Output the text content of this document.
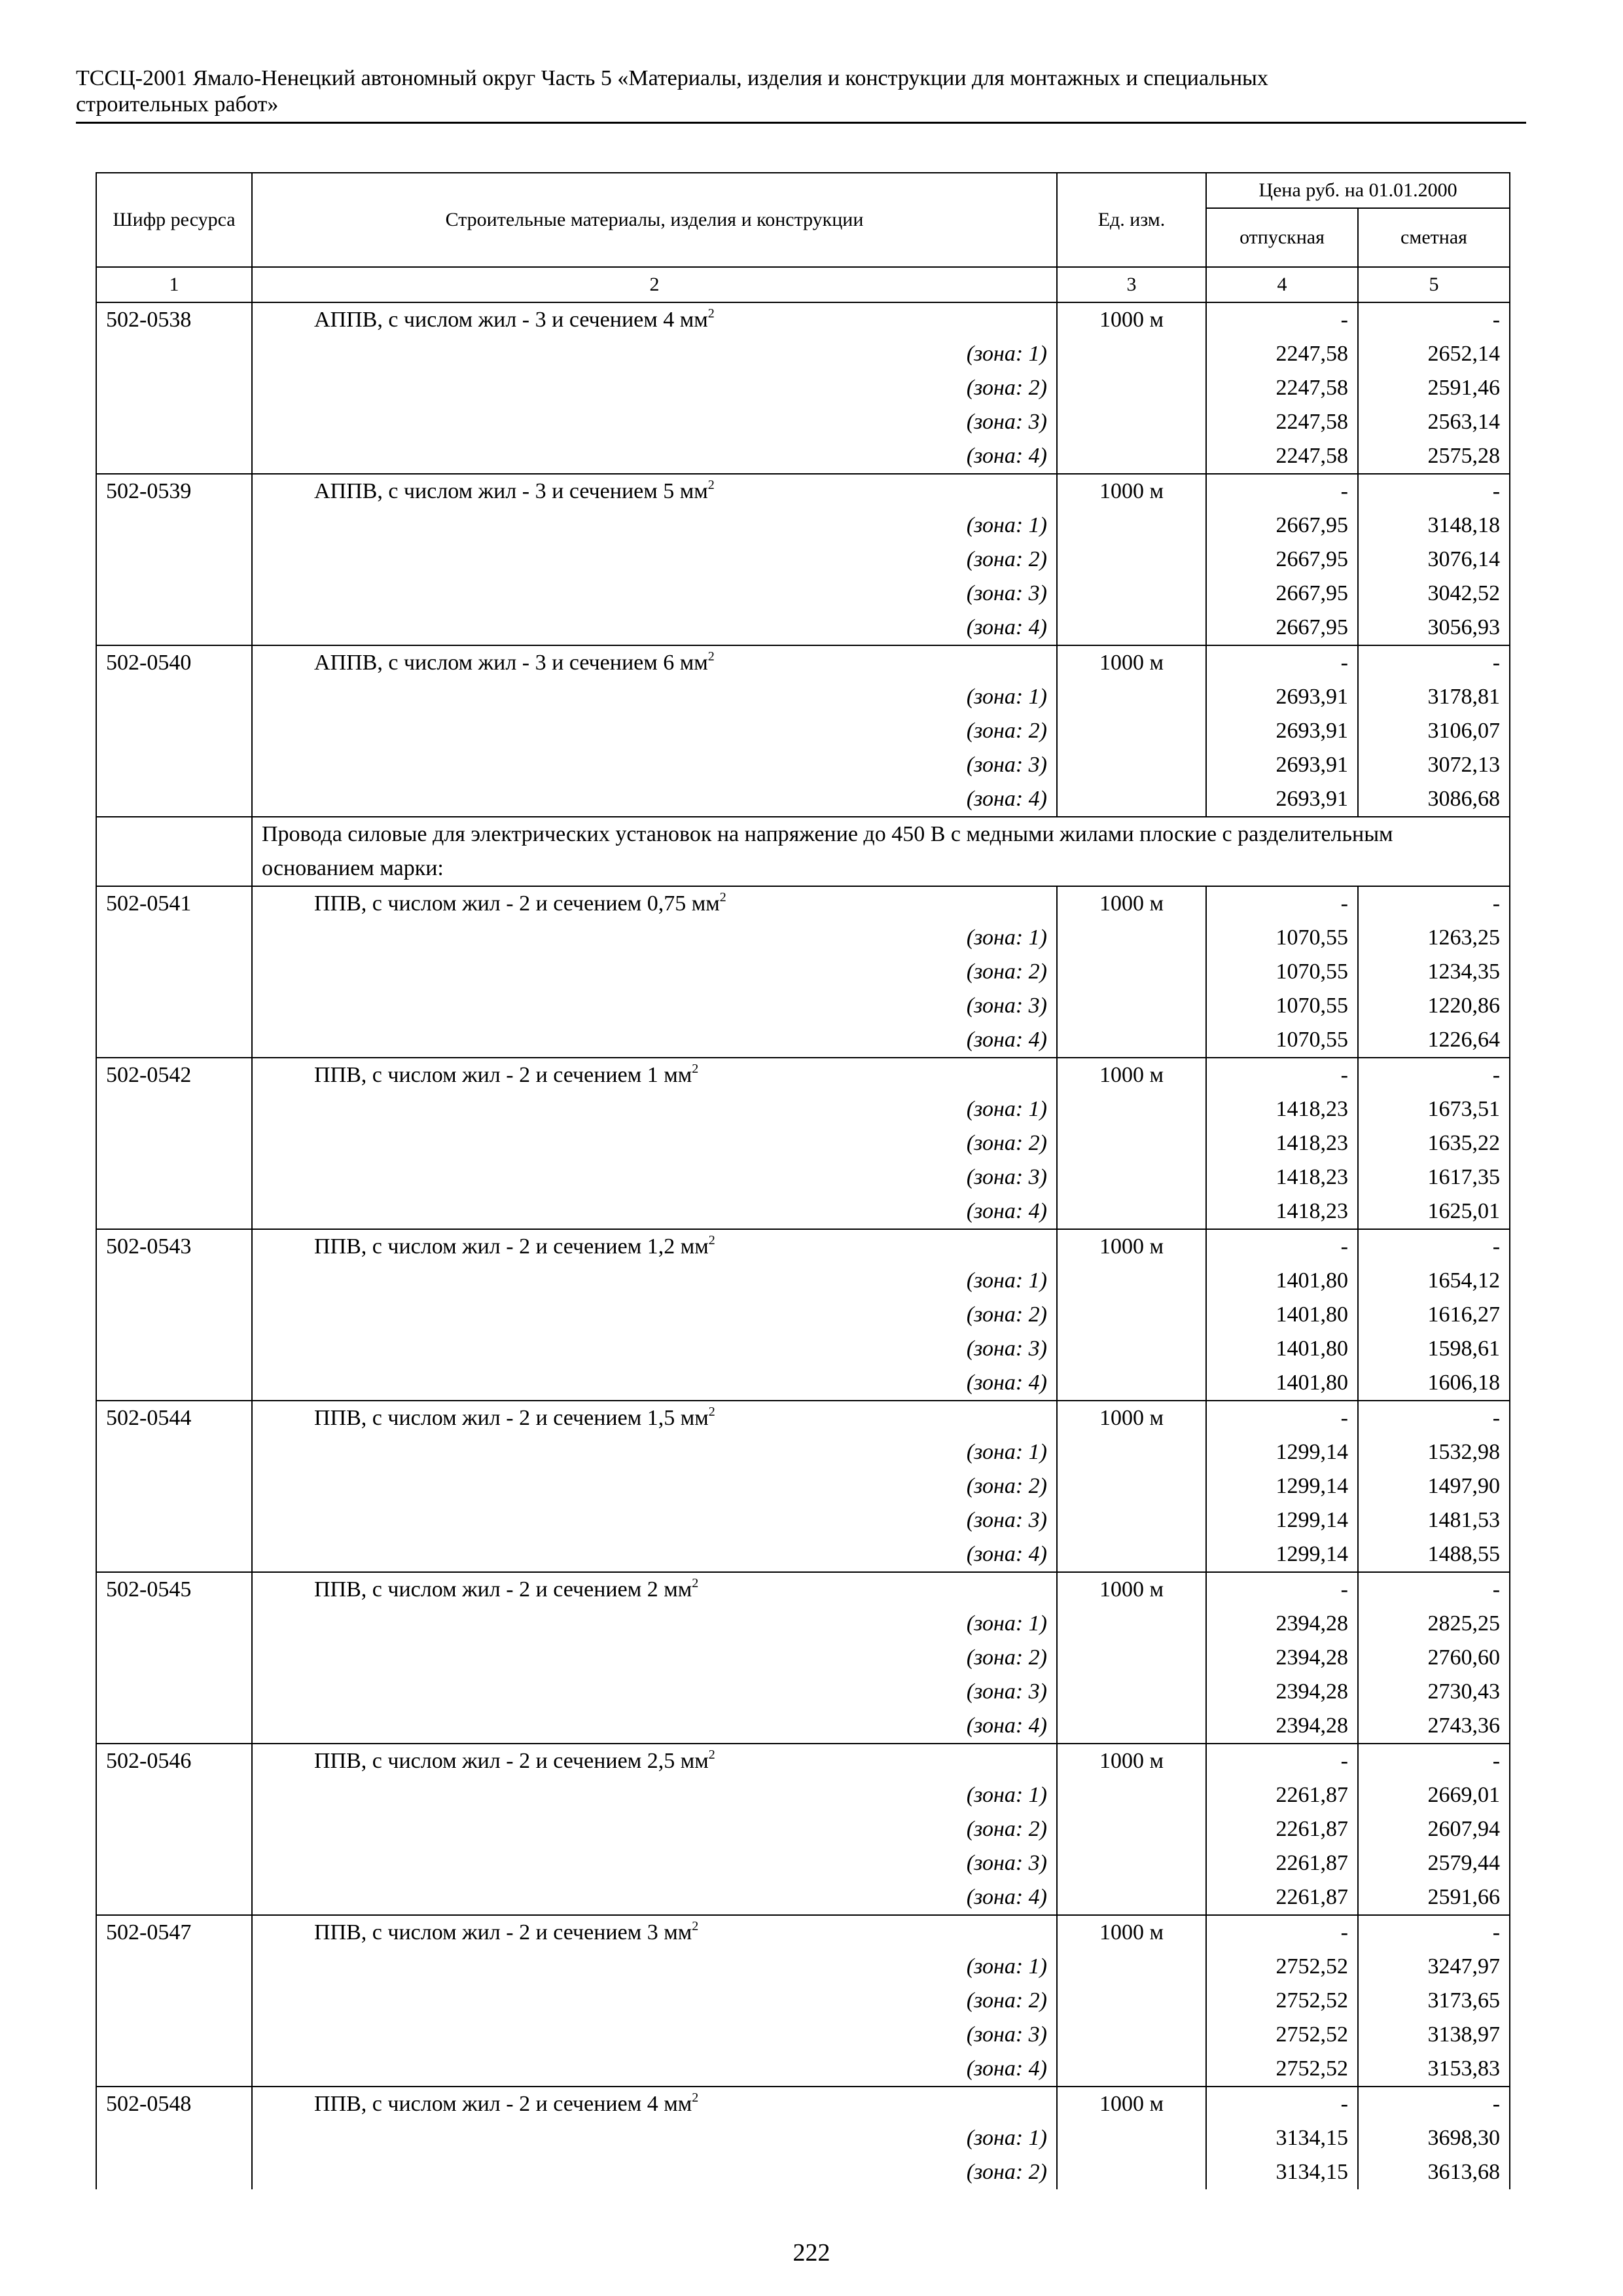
ТССЦ-2001 Ямало-Ненецкий автономный округ Часть 5 «Материалы, изделия и конструкции для монтажных и специальных
строительных работ»
Шифр ресурса	Строительные материалы, изделия и конструкции	Ед. изм.	Цена руб. на 01.01.2000	
			отпускная	сметная
1	2	3	4	5
502-0538	АППВ, с числом жил - 3 и сечением 4 $мм^2$	1000 м	-	-
	(зона: 1)		2247,58	2652,14
	(зона: 2)		2247,58	2591,46
	(зона: 3)		2247,58	2563,14
	(зона: 4)		2247,58	2575,28
502-0539	АППВ, с числом жил - 3 и сечением 5 $мм^2$	1000 м	-	-
	(зона: 1)		2667,95	3148,18
	(зона: 2)		2667,95	3076,14
	(зона: 3)		2667,95	3042,52
	(зона: 4)		2667,95	3056,93
502-0540	АППВ, с числом жил - 3 и сечением 6 $мм^2$	1000 м	-	-
	(зона: 1)		2693,91	3178,81
	(зона: 2)		2693,91	3106,07
	(зона: 3)		2693,91	3072,13
	(зона: 4)		2693,91	3086,68
	Провода силовые для электрических установок на напряжение до 450 В с медными жилами плоские с разделительным основанием марки:			
502-0541	ППВ, с числом жил - 2 и сечением 0,75 $мм^2$	1000 м	-	-
	(зона: 1)		1070,55	1263,25
	(зона: 2)		1070,55	1234,35
	(зона: 3)		1070,55	1220,86
	(зона: 4)		1070,55	1226,64
502-0542	ППВ, с числом жил - 2 и сечением 1 $мм^2$	1000 м	-	-
	(зона: 1)		1418,23	1673,51
	(зона: 2)		1418,23	1635,22
	(зона: 3)		1418,23	1617,35
	(зона: 4)		1418,23	1625,01
502-0543	ППВ, с числом жил - 2 и сечением 1,2 $мм^2$	1000 м	-	-
	(зона: 1)		1401,80	1654,12
	(зона: 2)		1401,80	1616,27
	(зона: 3)		1401,80	1598,61
	(зона: 4)		1401,80	1606,18
502-0544	ППВ, с числом жил - 2 и сечением 1,5 $мм^2$	1000 м	-	-
	(зона: 1)		1299,14	1532,98
	(зона: 2)		1299,14	1497,90
	(зона: 3)		1299,14	1481,53
	(зона: 4)		1299,14	1488,55
502-0545	ППВ, с числом жил - 2 и сечением 2 $мм^2$	1000 м	-	-
	(зона: 1)		2394,28	2825,25
	(зона: 2)		2394,28	2760,60
	(зона: 3)		2394,28	2730,43
	(зона: 4)		2394,28	2743,36
502-0546	ППВ, с числом жил - 2 и сечением 2,5 $мм^2$	1000 м	-	-
	(зона: 1)		2261,87	2669,01
	(зона: 2)		2261,87	2607,94
	(зона: 3)		2261,87	2579,44
	(зона: 4)		2261,87	2591,66
502-0547	ППВ, с числом жил - 2 и сечением 3 $мм^2$	1000 м	-	-
	(зона: 1)		2752,52	3247,97
	(зона: 2)		2752,52	3173,65
	(зона: 3)		2752,52	3138,97
	(зона: 4)		2752,52	3153,83
502-0548	ППВ, с числом жил - 2 и сечением 4 $мм^2$	1000 м	-	-
	(зона: 1)		3134,15	3698,30
	(зона: 2)		3134,15	3613,68
222
